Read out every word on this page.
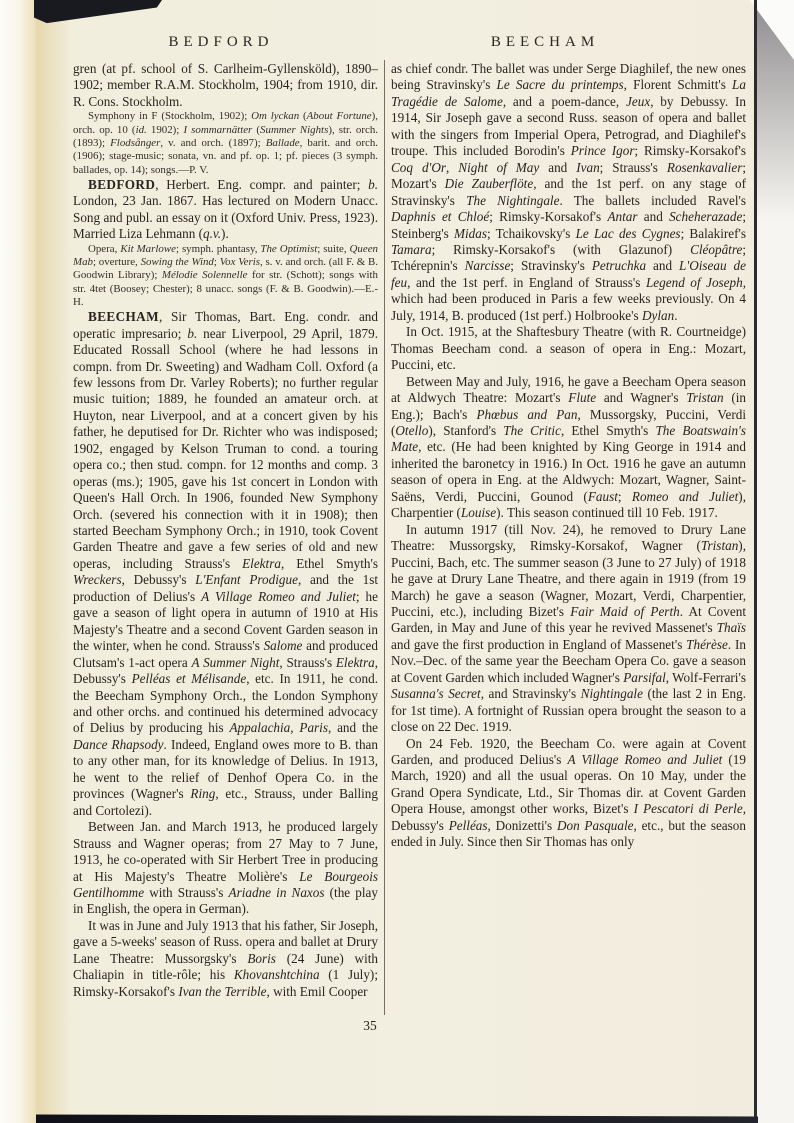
BEDFORD	BEECHAM

gren (at pf. school of S. Carlheim-Gyllensköld), 1890–1902; member R.A.M. Stockholm, 1904; from 1910, dir. R. Cons. Stockholm.

Symphony in F (Stockholm, 1902); Om lyckan (About Fortune), orch. op. 10 (id. 1902); I sommarnätter (Summer Nights), str. orch. (1893); Flodsånger, v. and orch. (1897); Ballade, barit. and orch. (1906); stage-music; sonata, vn. and pf. op. 1; pf. pieces (3 symph. ballades, op. 14); songs.—P. V.

BEDFORD, Herbert. Eng. compr. and painter; b. London, 23 Jan. 1867. Has lectured on Modern Unacc. Song and publ. an essay on it (Oxford Univ. Press, 1923). Married Liza Lehmann (q.v.).

Opera, Kit Marlowe; symph. phantasy, The Optimist; suite, Queen Mab; overture, Sowing the Wind; Vox Veris, s. v. and orch. (all F. & B. Goodwin Library); Mélodie Solennelle for str. (Schott); songs with str. 4tet (Boosey; Chester); 8 unacc. songs (F. & B. Goodwin).—E.-H.

BEECHAM, Sir Thomas, Bart. Eng. condr. and operatic impresario; b. near Liverpool, 29 April, 1879. Educated Rossall School (where he had lessons in compn. from Dr. Sweeting) and Wadham Coll. Oxford (a few lessons from Dr. Varley Roberts); no further regular music tuition; 1889, he founded an amateur orch. at Huyton, near Liverpool, and at a concert given by his father, he deputised for Dr. Richter who was indisposed; 1902, engaged by Kelson Truman to cond. a touring opera co.; then stud. compn. for 12 months and comp. 3 operas (ms.); 1905, gave his 1st concert in London with Queen's Hall Orch. In 1906, founded New Symphony Orch. (severed his connection with it in 1908); then started Beecham Symphony Orch.; in 1910, took Covent Garden Theatre and gave a few series of old and new operas, including Strauss's Elektra, Ethel Smyth's Wreckers, Debussy's L'Enfant Prodigue, and the 1st production of Delius's A Village Romeo and Juliet; he gave a season of light opera in autumn of 1910 at His Majesty's Theatre and a second Covent Garden season in the winter, when he cond. Strauss's Salome and produced Clutsam's 1-act opera A Summer Night, Strauss's Elektra, Debussy's Pelléas et Mélisande, etc. In 1911, he cond. the Beecham Symphony Orch., the London Symphony and other orchs. and continued his determined advocacy of Delius by producing his Appalachia, Paris, and the Dance Rhapsody. Indeed, England owes more to B. than to any other man, for its knowledge of Delius. In 1913, he went to the relief of Denhof Opera Co. in the provinces (Wagner's Ring, etc., Strauss, under Balling and Cortolezi).

Between Jan. and March 1913, he produced largely Strauss and Wagner operas; from 27 May to 7 June, 1913, he co-operated with Sir Herbert Tree in producing at His Majesty's Theatre Molière's Le Bourgeois Gentilhomme with Strauss's Ariadne in Naxos (the play in English, the opera in German).

It was in June and July 1913 that his father, Sir Joseph, gave a 5-weeks' season of Russ. opera and ballet at Drury Lane Theatre: Mussorgsky's Boris (24 June) with Chaliapin in title-rôle; his Khovanshtchina (1 July); Rimsky-Korsakof's Ivan the Terrible, with Emil Cooper

as chief condr. The ballet was under Serge Diaghilef, the new ones being Stravinsky's Le Sacre du printemps, Florent Schmitt's La Tragédie de Salome, and a poem-dance, Jeux, by Debussy. In 1914, Sir Joseph gave a second Russ. season of opera and ballet with the singers from Imperial Opera, Petrograd, and Diaghilef's troupe. This included Borodin's Prince Igor; Rimsky-Korsakof's Coq d'Or, Night of May and Ivan; Strauss's Rosenkavalier; Mozart's Die Zauberflöte, and the 1st perf. on any stage of Stravinsky's The Nightingale. The ballets included Ravel's Daphnis et Chloé; Rimsky-Korsakof's Antar and Scheherazade; Steinberg's Midas; Tchaikovsky's Le Lac des Cygnes; Balakiref's Tamara; Rimsky-Korsakof's (with Glazunof) Cléopâtre; Tchérepnin's Narcisse; Stravinsky's Petruchka and L'Oiseau de feu, and the 1st perf. in England of Strauss's Legend of Joseph, which had been produced in Paris a few weeks previously. On 4 July, 1914, B. produced (1st perf.) Holbrooke's Dylan.

In Oct. 1915, at the Shaftesbury Theatre (with R. Courtneidge) Thomas Beecham cond. a season of opera in Eng.: Mozart, Puccini, etc.

Between May and July, 1916, he gave a Beecham Opera season at Aldwych Theatre: Mozart's Flute and Wagner's Tristan (in Eng.); Bach's Phœbus and Pan, Mussorgsky, Puccini, Verdi (Otello), Stanford's The Critic, Ethel Smyth's The Boatswain's Mate, etc. (He had been knighted by King George in 1914 and inherited the baronetcy in 1916.) In Oct. 1916 he gave an autumn season of opera in Eng. at the Aldwych: Mozart, Wagner, Saint-Saëns, Verdi, Puccini, Gounod (Faust; Romeo and Juliet), Charpentier (Louise). This season continued till 10 Feb. 1917.

In autumn 1917 (till Nov. 24), he removed to Drury Lane Theatre: Mussorgsky, Rimsky-Korsakof, Wagner (Tristan), Puccini, Bach, etc. The summer season (3 June to 27 July) of 1918 he gave at Drury Lane Theatre, and there again in 1919 (from 19 March) he gave a season (Wagner, Mozart, Verdi, Charpentier, Puccini, etc.), including Bizet's Fair Maid of Perth. At Covent Garden, in May and June of this year he revived Massenet's Thaïs and gave the first production in England of Massenet's Thérèse. In Nov.–Dec. of the same year the Beecham Opera Co. gave a season at Covent Garden which included Wagner's Parsifal, Wolf-Ferrari's Susanna's Secret, and Stravinsky's Nightingale (the last 2 in Eng. for 1st time). A fortnight of Russian opera brought the season to a close on 22 Dec. 1919.

On 24 Feb. 1920, the Beecham Co. were again at Covent Garden, and produced Delius's A Village Romeo and Juliet (19 March, 1920) and all the usual operas. On 10 May, under the Grand Opera Syndicate, Ltd., Sir Thomas dir. at Covent Garden Opera House, amongst other works, Bizet's I Pescatori di Perle, Debussy's Pelléas, Donizetti's Don Pasquale, etc., but the season ended in July. Since then Sir Thomas has only

35
